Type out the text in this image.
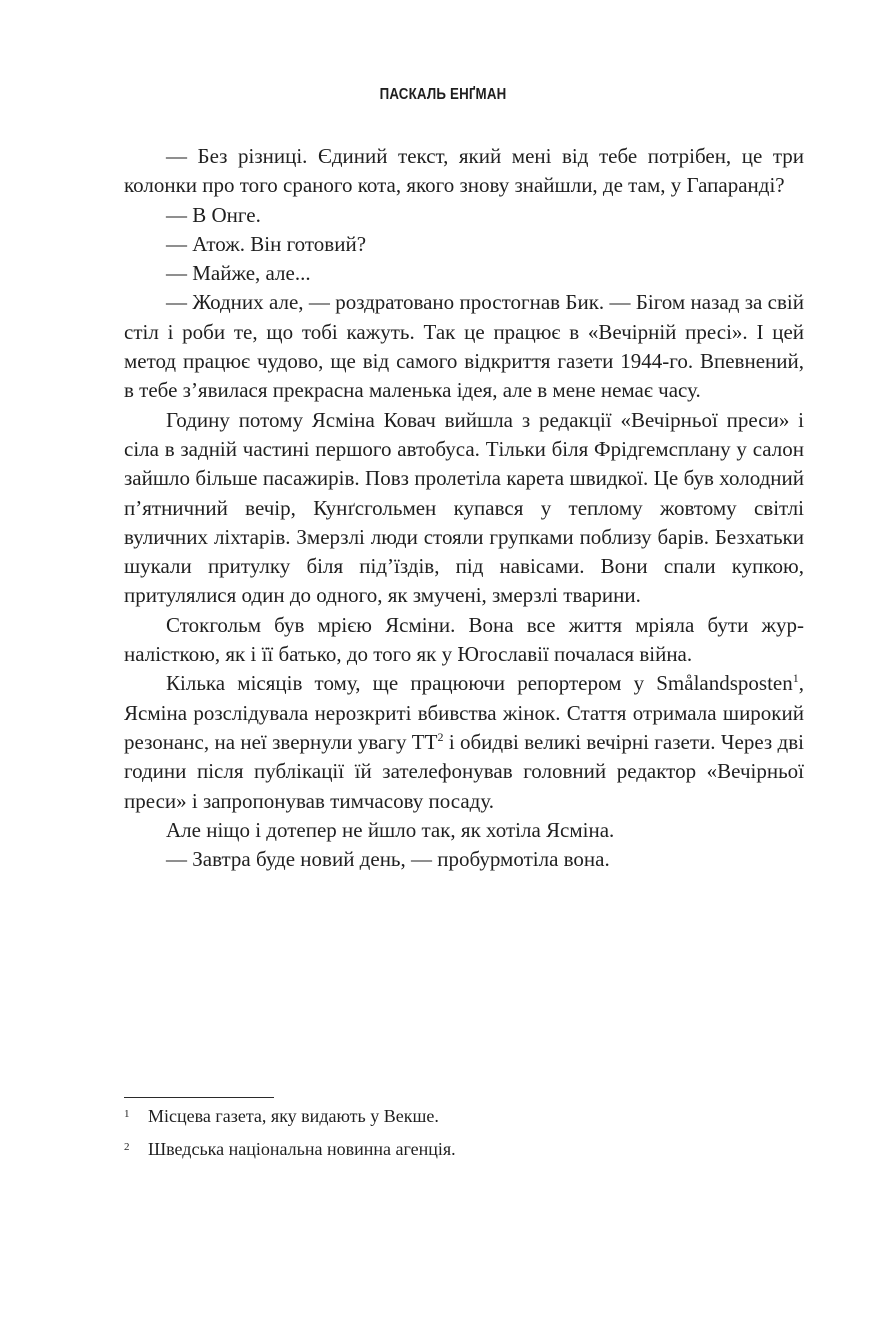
ПАСКАЛЬ ЕНҐМАН

— Без різниці. Єдиний текст, який мені від тебе потрібен, це три колонки про того сраного кота, якого знову знайшли, де там, у Гапаранді?

— В Онге.

— Атож. Він готовий?

— Майже, але...

— Жодних але, — роздратовано простогнав Бик. — Бігом назад за свій стіл і роби те, що тобі кажуть. Так це працює в «Вечірній пресі». І цей метод працює чудово, ще від самого відкриття газети 1944-го. Впевнений, в тебе з’явилася прекрасна маленька ідея, але в мене немає часу.

Годину потому Ясміна Ковач вийшла з редакції «Вечірньої преси» і сіла в задній частині першого автобуса. Тільки біля Фрідгемсплану у салон зайшло більше пасажирів. Повз пролетіла карета швидкої. Це був холодний п’ятничний вечір, Кунґсгольмен купався у теплому жовтому світлі вуличних ліхтарів. Змерзлі люди стояли групками поблизу барів. Безхатьки шукали притулку біля під’їздів, під навісами. Вони спали купкою, притулялися один до одного, як змучені, змерзлі тварини.

Стокгольм був мрією Ясміни. Вона все життя мріяла бути журналісткою, як і її батько, до того як у Югославії почалася війна.

Кілька місяців тому, ще працюючи репортером у Smålandsposten$^1$, Ясміна розслідувала нерозкриті вбивства жінок. Стаття отримала широкий резонанс, на неї звернули увагу $TT^2$ і обидві великі вечірні газети. Через дві години після публікації їй зателефонував головний редактор «Вечірньої преси» і запропонував тимчасову посаду.

Але ніщо і дотепер не йшло так, як хотіла Ясміна.

— Завтра буде новий день, — пробурмотіла вона.

1	Місцева газета, яку видають у Векше.
2	Шведська національна новинна агенція.
